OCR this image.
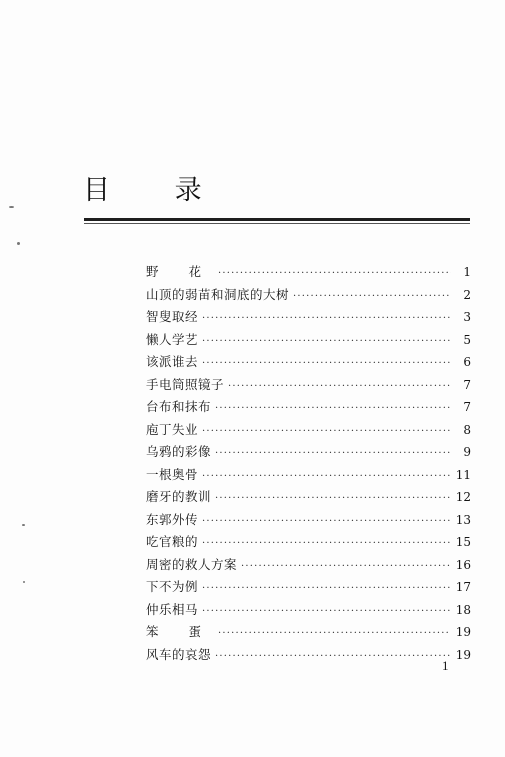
目 录
野 花 ·····	1
山顶的弱苗和洞底的大树 ·····	2
智叟取经 ·····	3
懒人学艺 ·····	5
该派谁去 ·····	6
手电筒照镜子 ·····	7
台布和抹布 ·····	7
庖丁失业 ·····	8
乌鸦的彩像 ·····	9
一根奥骨 ·····	11
磨牙的教训 ·····	12
东郭外传 ·····	13
吃官粮的 ·····	15
周密的救人方案 ·····	16
下不为例 ·····	17
仲乐相马 ·····	18
笨 蛋 ·····	19
风车的哀怨 ·····	19
1
